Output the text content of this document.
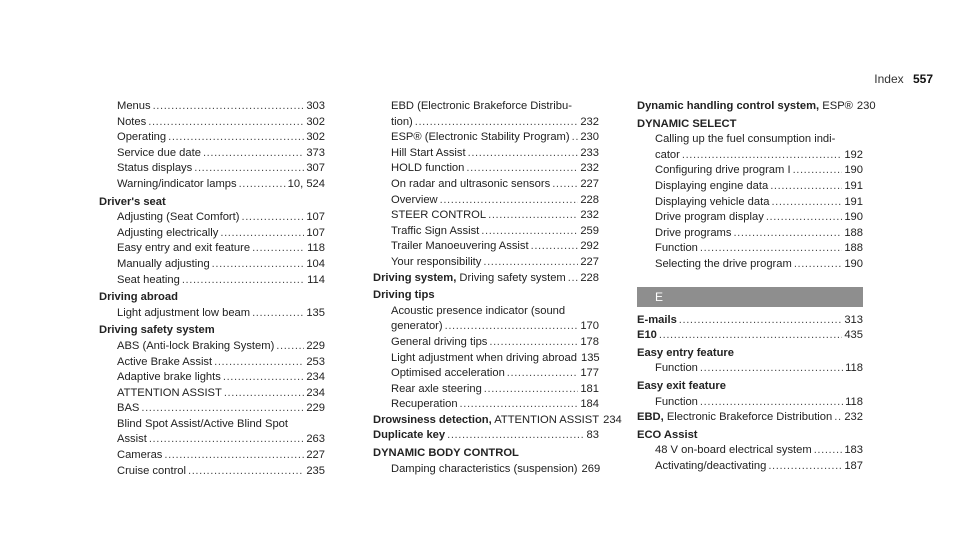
Index 557
Menus .....	303
Notes .....	302
Operating .....	302
Service due date .....	373
Status displays .....	307
Warning/indicator lamps .....	10, 524
Driver's seat
Adjusting (Seat Comfort) .....	107
Adjusting electrically .....	107
Easy entry and exit feature .....	118
Manually adjusting .....	104
Seat heating .....	114
Driving abroad
Light adjustment low beam .....	135
Driving safety system
ABS (Anti-lock Braking System) .....	229
Active Brake Assist .....	253
Adaptive brake lights .....	234
ATTENTION ASSIST .....	234
BAS .....	229
Blind Spot Assist/Active Blind Spot
Assist .....	263
Cameras .....	227
Cruise control .....	235
EBD (Electronic Brakeforce Distribu-
tion) .....	232
ESP® (Electronic Stability Program) ..... 230
Hill Start Assist .....	233
HOLD function .....	232
On radar and ultrasonic sensors .....	227
Overview .....	228
STEER CONTROL .....	232
Traffic Sign Assist .....	259
Trailer Manoeuvering Assist .....	292
Your responsibility .....	227
Driving system, Driving safety system ..... 228
Driving tips
Acoustic presence indicator (sound
generator) .....	170
General driving tips .....	178
Light adjustment when driving abroad 135
Optimised acceleration .....	177
Rear axle steering .....	181
Recuperation .....	184
Drowsiness detection, ATTENTION ASSIST 234
Duplicate key .....	83
DYNAMIC BODY CONTROL
Damping characteristics (suspension) 269
Dynamic handling control system, ESP® 230
DYNAMIC SELECT
Calling up the fuel consumption indi-
cator .....	192
Configuring drive program I .....	190
Displaying engine data .....	191
Displaying vehicle data .....	191
Drive program display .....	190
Drive programs .....	188
Function .....	188
Selecting the drive program .....	190
E
E-mails .....	313
E10 .....	435
Easy entry feature
Function .....	118
Easy exit feature
Function .....	118
EBD, Electronic Brakeforce Distribution ..... 232
ECO Assist
48 V on-board electrical system .....	183
Activating/deactivating .....	187
